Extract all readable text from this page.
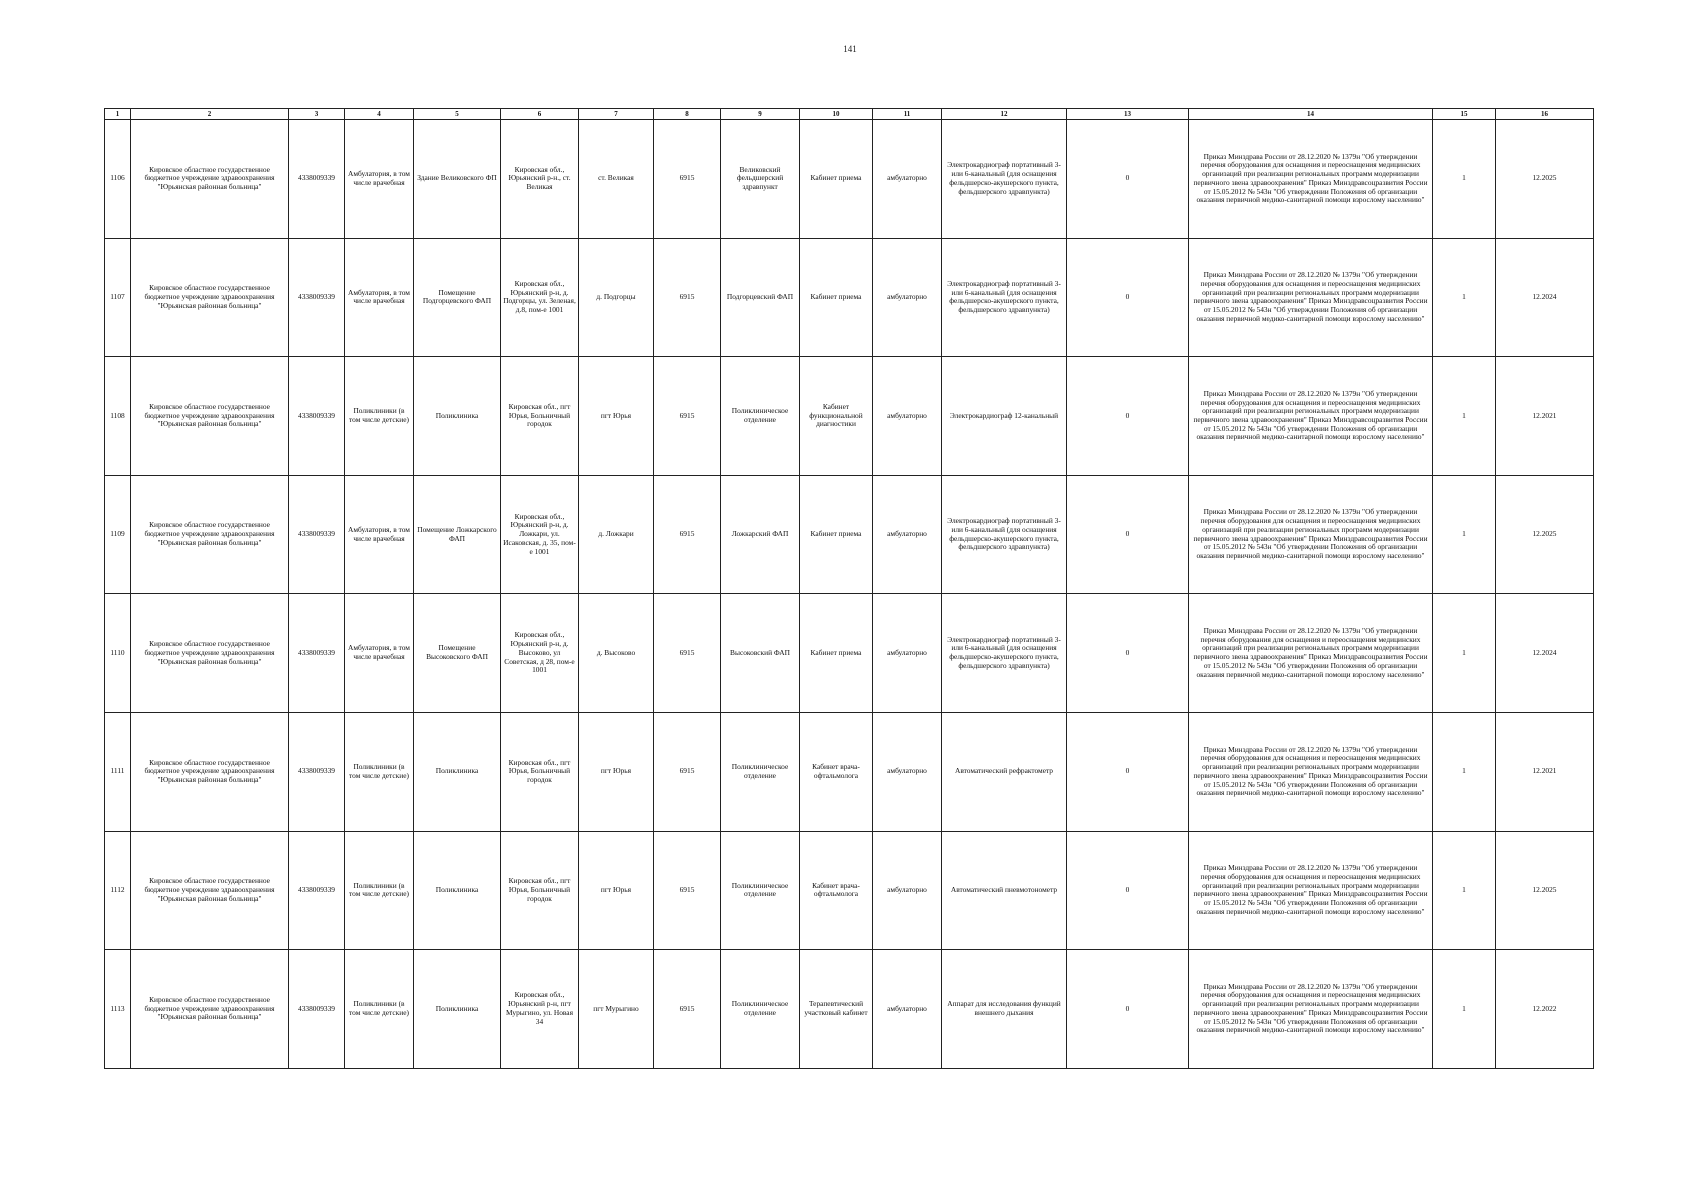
141
1	2	3	4	5	6	7	8	9	10	11	12	13	14	15	16
1106	Кировское областное государственное бюджетное учреждение здравоохранения "Юрьянская районная больница"	4338009339	Амбулатория, в том числе врачебная	Здание Великовского ФП	Кировская обл., Юрьянский р-н., ст. Великая	ст. Великая	6915	Великовский фельдшерский здравпункт	Кабинет приема	амбулаторно	Электрокардиограф портативный 3- или 6-канальный (для оснащения фельдшерско-акушерского пункта, фельдшерского здравпункта)	0	Приказ Минздрава России от 28.12.2020 № 1379н "Об утверждении перечня оборудования для оснащения и переоснащения медицинских организаций при реализации региональных программ модернизации первичного звена здравоохранения" Приказ Минздравсоцразвития России от 15.05.2012 № 543н "Об утверждении Положения об организации оказания первичной медико-санитарной помощи взрослому населению"	1	12.2025
1107	Кировское областное государственное бюджетное учреждение здравоохранения "Юрьянская районная больница"	4338009339	Амбулатория, в том числе врачебная	Помещение Подгорцевского ФАП	Кировская обл., Юрьянский р-н, д. Подгорцы, ул. Зеленая, д.8, пом-е 1001	д. Подгорцы	6915	Подгорцевский ФАП	Кабинет приема	амбулаторно	Электрокардиограф портативный 3- или 6-канальный (для оснащения фельдшерско-акушерского пункта, фельдшерского здравпункта)	0	Приказ Минздрава России от 28.12.2020 № 1379н "Об утверждении перечня оборудования для оснащения и переоснащения медицинских организаций при реализации региональных программ модернизации первичного звена здравоохранения" Приказ Минздравсоцразвития России от 15.05.2012 № 543н "Об утверждении Положения об организации оказания первичной медико-санитарной помощи взрослому населению"	1	12.2024
1108	Кировское областное государственное бюджетное учреждение здравоохранения "Юрьянская районная больница"	4338009339	Поликлиники (в том числе детские)	Поликлиника	Кировская обл., пгт Юрья, Больничный городок	пгт Юрья	6915	Поликлиническое отделение	Кабинет функциональной диагностики	амбулаторно	Электрокардиограф 12-канальный	0	Приказ Минздрава России от 28.12.2020 № 1379н "Об утверждении перечня оборудования для оснащения и переоснащения медицинских организаций при реализации региональных программ модернизации первичного звена здравоохранения" Приказ Минздравсоцразвития России от 15.05.2012 № 543н "Об утверждении Положения об организации оказания первичной медико-санитарной помощи взрослому населению"	1	12.2021
1109	Кировское областное государственное бюджетное учреждение здравоохранения "Юрьянская районная больница"	4338009339	Амбулатория, в том числе врачебная	Помещение Ложкарского ФАП	Кировская обл., Юрьянский р-н, д. Ложкари, ул. Исаковская, д. 35, пом-е 1001	д. Ложкари	6915	Ложкарский ФАП	Кабинет приема	амбулаторно	Электрокардиограф портативный 3- или 6-канальный (для оснащения фельдшерско-акушерского пункта, фельдшерского здравпункта)	0	Приказ Минздрава России от 28.12.2020 № 1379н "Об утверждении перечня оборудования для оснащения и переоснащения медицинских организаций при реализации региональных программ модернизации первичного звена здравоохранения" Приказ Минздравсоцразвития России от 15.05.2012 № 543н "Об утверждении Положения об организации оказания первичной медико-санитарной помощи взрослому населению"	1	12.2025
1110	Кировское областное государственное бюджетное учреждение здравоохранения "Юрьянская районная больница"	4338009339	Амбулатория, в том числе врачебная	Помещение Высоковского ФАП	Кировская обл., Юрьянский р-н, д. Высоково, ул Советская, д 28, пом-е 1001	д. Высоково	6915	Высоковский ФАП	Кабинет приема	амбулаторно	Электрокардиограф портативный 3- или 6-канальный (для оснащения фельдшерско-акушерского пункта, фельдшерского здравпункта)	0	Приказ Минздрава России от 28.12.2020 № 1379н "Об утверждении перечня оборудования для оснащения и переоснащения медицинских организаций при реализации региональных программ модернизации первичного звена здравоохранения" Приказ Минздравсоцразвития России от 15.05.2012 № 543н "Об утверждении Положения об организации оказания первичной медико-санитарной помощи взрослому населению"	1	12.2024
1111	Кировское областное государственное бюджетное учреждение здравоохранения "Юрьянская районная больница"	4338009339	Поликлиники (в том числе детские)	Поликлиника	Кировская обл., пгт Юрья, Больничный городок	пгт Юрья	6915	Поликлиническое отделение	Кабинет врача-офтальмолога	амбулаторно	Автоматический рефрактометр	0	Приказ Минздрава России от 28.12.2020 № 1379н "Об утверждении перечня оборудования для оснащения и переоснащения медицинских организаций при реализации региональных программ модернизации первичного звена здравоохранения" Приказ Минздравсоцразвития России от 15.05.2012 № 543н "Об утверждении Положения об организации оказания первичной медико-санитарной помощи взрослому населению"	1	12.2021
1112	Кировское областное государственное бюджетное учреждение здравоохранения "Юрьянская районная больница"	4338009339	Поликлиники (в том числе детские)	Поликлиника	Кировская обл., пгт Юрья, Больничный городок	пгт Юрья	6915	Поликлиническое отделение	Кабинет врача-офтальмолога	амбулаторно	Автоматический пневмотонометр	0	Приказ Минздрава России от 28.12.2020 № 1379н "Об утверждении перечня оборудования для оснащения и переоснащения медицинских организаций при реализации региональных программ модернизации первичного звена здравоохранения" Приказ Минздравсоцразвития России от 15.05.2012 № 543н "Об утверждении Положения об организации оказания первичной медико-санитарной помощи взрослому населению"	1	12.2025
1113	Кировское областное государственное бюджетное учреждение здравоохранения "Юрьянская районная больница"	4338009339	Поликлиники (в том числе детские)	Поликлиника	Кировская обл., Юрьянский р-н, пгт Мурыгино, ул. Новая 34	пгт Мурыгино	6915	Поликлиническое отделение	Терапевтический участковый кабинет	амбулаторно	Аппарат для исследования функций внешнего дыхания	0	Приказ Минздрава России от 28.12.2020 № 1379н "Об утверждении перечня оборудования для оснащения и переоснащения медицинских организаций при реализации региональных программ модернизации первичного звена здравоохранения" Приказ Минздравсоцразвития России от 15.05.2012 № 543н "Об утверждении Положения об организации оказания первичной медико-санитарной помощи взрослому населению"	1	12.2022
